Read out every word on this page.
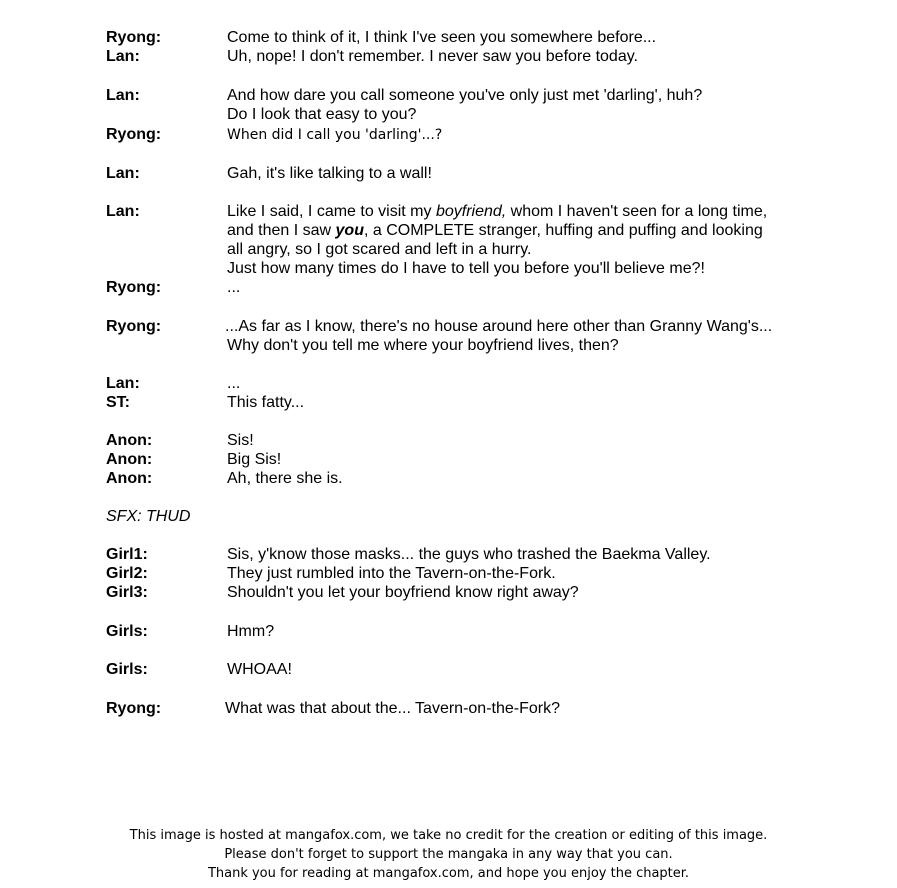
Ryong:	Come to think of it, I think I've seen you somewhere before...
Lan:	Uh, nope! I don't remember. I never saw you before today.
Lan:	And how dare you call someone you've only just met 'darling', huh?
Do I look that easy to you?
Ryong:	When did I call you 'darling'...?
Lan:	Gah, it's like talking to a wall!
Lan:	Like I said, I came to visit my boyfriend, whom I haven't seen for a long time,
and then I saw you, a COMPLETE stranger, huffing and puffing and looking
all angry, so I got scared and left in a hurry.
Just how many times do I have to tell you before you'll believe me?!
Ryong:	...
Ryong:	...As far as I know, there's no house around here other than Granny Wang's...
Why don't you tell me where your boyfriend lives, then?
Lan:	...
ST:	This fatty...
Anon:	Sis!
Anon:	Big Sis!
Anon:	Ah, there she is.
SFX: THUD
Girl1:	Sis, y'know those masks... the guys who trashed the Baekma Valley.
Girl2:	They just rumbled into the Tavern-on-the-Fork.
Girl3:	Shouldn't you let your boyfriend know right away?
Girls:	Hmm?
Girls:	WHOAA!
Ryong:	What was that about the... Tavern-on-the-Fork?
This image is hosted at mangafox.com, we take no credit for the creation or editing of this image.
Please don't forget to support the mangaka in any way that you can.
Thank you for reading at mangafox.com, and hope you enjoy the chapter.
